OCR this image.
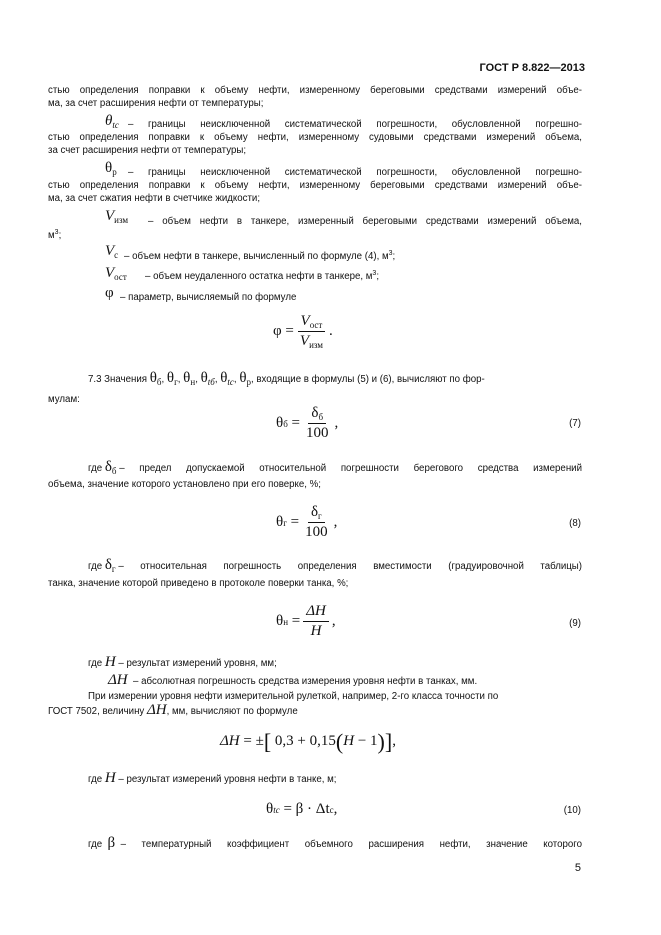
ГОСТ Р 8.822—2013
стью определения поправки к объему нефти, измеренному береговыми средствами измерений объе-
ма, за счет расширения нефти от температуры;
$\theta_{tc}$ – границы неисключенной систематической погрешности, обусловленной погрешно-
стью определения поправки к объему нефти, измеренному судовыми средствами измерений объема,
за счет расширения нефти от температуры;
$\theta_р$ – границы неисключенной систематической погрешности, обусловленной погрешно-
стью определения поправки к объему нефти, измеренному береговыми средствами измерений объе-
ма, за счет сжатия нефти в счетчике жидкости;
$V_{изм}$ – объем нефти в танкере, измеренный береговыми средствами измерений объема,
$м^3$;
$V_с$ – объем нефти в танкере, вычисленный по формуле (4), $м^3$;
$V_{ост}$ – объем неудаленного остатка нефти в танкере, $м^3$;
φ – параметр, вычисляемый по формуле
φ
= $\frac{V_{ост}}{V_{изм}}$ .
7.3 Значения
$\theta_б$ ,
$\theta_г$ ,
$\theta_н$ ,
$\theta_{tб}$ ,
$\theta_{tc}$ ,
$\theta_р$ , входящие в формулы (5) и (6), вычисляют по фор-
мулам:
θ б
= $\frac{\delta_б}{100}$ ,	(7)
где
$\delta_б$
– предел допускаемой относительной погрешности берегового средства измерений
объема, значение которого установлено при его поверке, %;
θ г
= $\frac{\delta_г}{100}$ ,	(8)
где
$\delta_г$
– относительная погрешность определения вместимости (градуировочной таблицы)
танка, значение которой приведено в протоколе поверки танка, %;
θ н
= $\frac{\Delta H}{H}$ ,	(9)
где
H
– результат измерений уровня, мм;
ΔH
– абсолютная погрешность средства измерения уровня нефти в танках, мм.
При измерении уровня нефти измерительной рулеткой, например, 2-го класса точности по
ГОСТ 7502, величину
ΔH , мм, вычисляют по формуле
ΔH
=
± [
0,3 + 0,15 ( H
− 1 ) ] ,
где
H
– результат измерений уровня нефти в танке, м;
θ tc
=
β
·
Δt с ,	(10)
где
β
– температурный коэффициент объемного расширения нефти, значение которого
5
